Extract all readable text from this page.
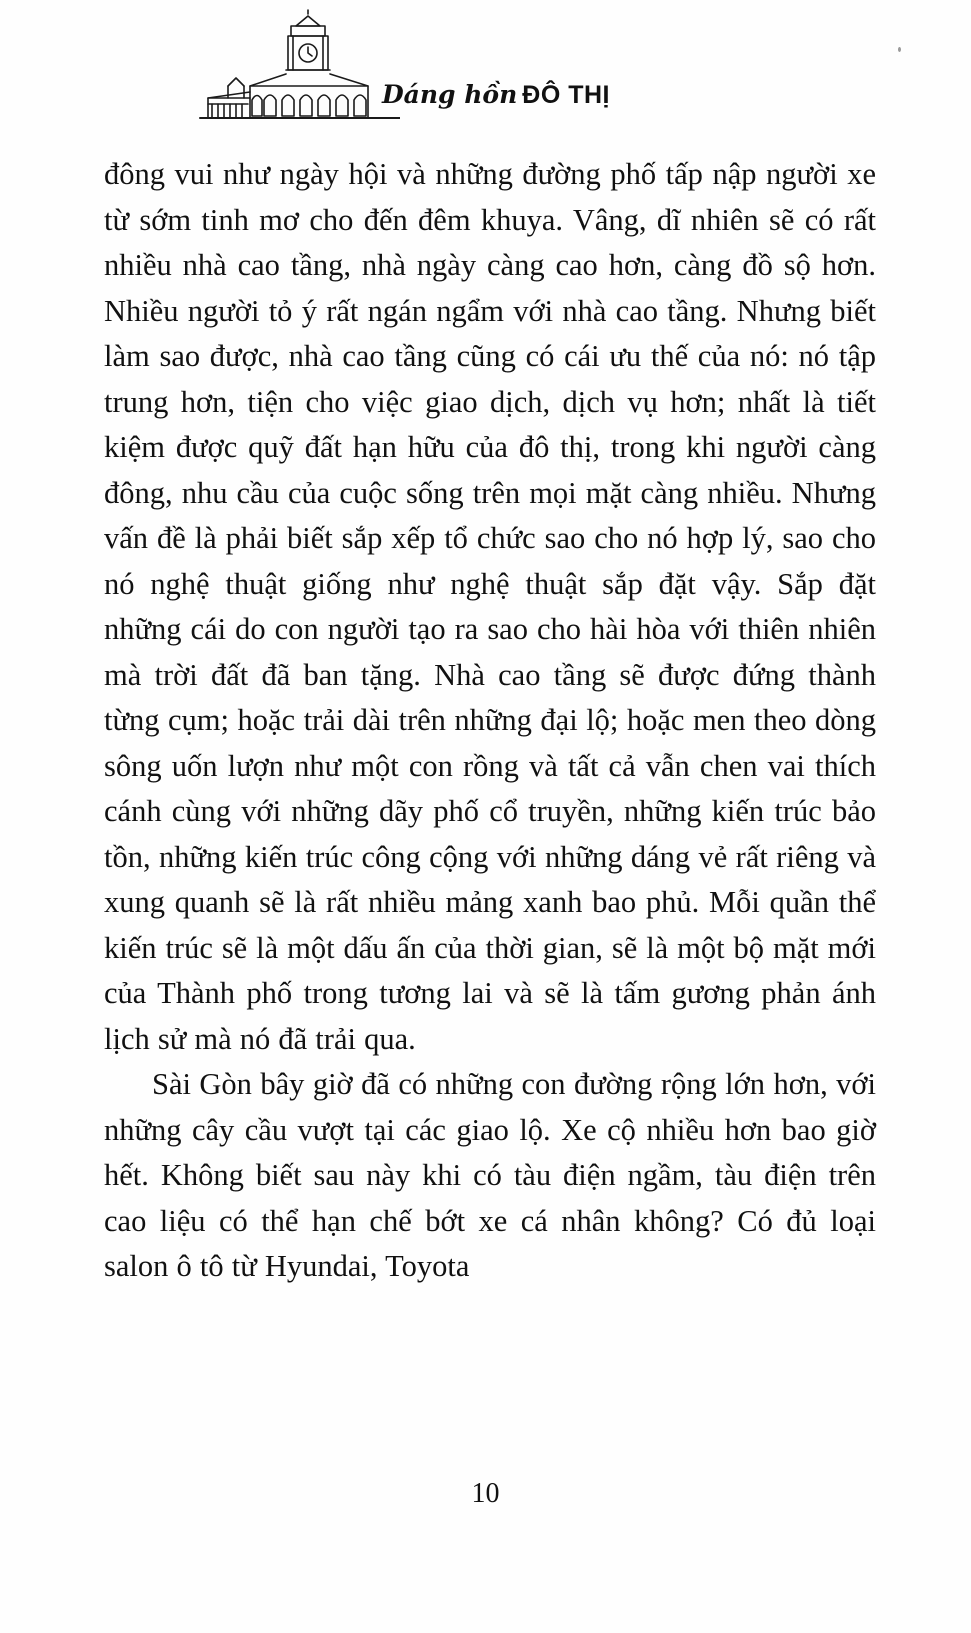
Dáng hồn ĐÔ THỊ

đông vui như ngày hội và những đường phố tấp nập người xe từ sớm tinh mơ cho đến đêm khuya. Vâng, dĩ nhiên sẽ có rất nhiều nhà cao tầng, nhà ngày càng cao hơn, càng đồ sộ hơn. Nhiều người tỏ ý rất ngán ngẩm với nhà cao tầng. Nhưng biết làm sao được, nhà cao tầng cũng có cái ưu thế của nó: nó tập trung hơn, tiện cho việc giao dịch, dịch vụ hơn; nhất là tiết kiệm được quỹ đất hạn hữu của đô thị, trong khi người càng đông, nhu cầu của cuộc sống trên mọi mặt càng nhiều. Nhưng vấn đề là phải biết sắp xếp tổ chức sao cho nó hợp lý, sao cho nó nghệ thuật giống như nghệ thuật sắp đặt vậy. Sắp đặt những cái do con người tạo ra sao cho hài hòa với thiên nhiên mà trời đất đã ban tặng. Nhà cao tầng sẽ được đứng thành từng cụm; hoặc trải dài trên những đại lộ; hoặc men theo dòng sông uốn lượn như một con rồng và tất cả vẫn chen vai thích cánh cùng với những dãy phố cổ truyền, những kiến trúc bảo tồn, những kiến trúc công cộng với những dáng vẻ rất riêng và xung quanh sẽ là rất nhiều mảng xanh bao phủ. Mỗi quần thể kiến trúc sẽ là một dấu ấn của thời gian, sẽ là một bộ mặt mới của Thành phố trong tương lai và sẽ là tấm gương phản ánh lịch sử mà nó đã trải qua.

Sài Gòn bây giờ đã có những con đường rộng lớn hơn, với những cây cầu vượt tại các giao lộ. Xe cộ nhiều hơn bao giờ hết. Không biết sau này khi có tàu điện ngầm, tàu điện trên cao liệu có thể hạn chế bớt xe cá nhân không? Có đủ loại salon ô tô từ Hyundai, Toyota

10
